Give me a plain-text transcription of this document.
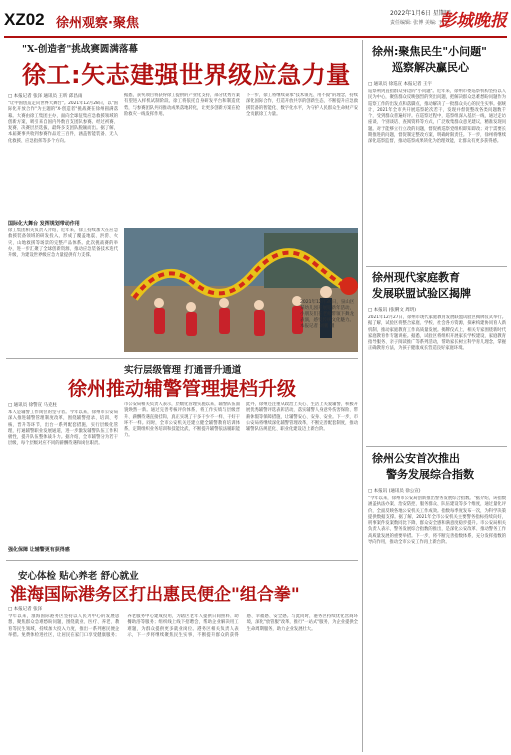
XZ02 徐州观察·聚焦
2022年1月6日 星期四
责任编辑: 张博 美编: 王宁
彭城晚报
"X-创造者"挑战赛圆满落幕
徐工:矢志建强世界级应急力量
□ 本报记者 张泽 通讯员 王昕 邱昌雨
"让中国创造走向世界大舞台"。2021年12月28日，以"国际化开放合作"为主题的"X-创造者"挑战赛在徐州圆满落幕。大赛由徐工集团主办，面向全球征集应急救援领域的创新方案，吸引来自国内外数百支团队参赛。经过初赛、复赛、决赛层层选拔，最终多支团队脱颖而出。据了解，本届赛事共收到参赛作品近三百件，涵盖智能装备、无人化救援、应急指挥等多个方向。
国际化大舞台 发挥规划带动作用
徐工集团相关负责人介绍，近年来，徐工持续加大在应急救援装备领域的研发投入，形成了覆盖地震、洪涝、火灾、山地救援等场景的完整产品体系。此次挑战赛的举办，进一步汇聚了全球创新资源，推动应急装备技术迭代升级，为建设世界级应急力量提供有力支撑。
据悉，获奖项目将获得徐工提供的产业化支持，部分优秀方案有望进入样机试制阶段。徐工将依托自身研发平台和制造优势，与参赛团队共同推动成果落地转化，让更多创新方案在抢险救灾一线发挥作用。
下一步，徐工将继续秉承"技术领先、用不毁"的理念，持续深化国际合作，打造开放共享的创新生态，不断提升应急救援装备的智能化、数字化水平，为守护人民群众生命财产安全贡献徐工力量。
2021年12月30日，泉山区某幼儿园开展迎新年活动，小朋友们在老师带领下舞龙表演，感受传统文化魅力。本报记者 刘鹏 摄
实行层级管理 打通晋升通道
徐州推动辅警管理提档升级
□ 通讯员 徐警宣 马克柱
本人是辅警工作岗位的坚守者。今年以来，徐州市公安局深入推进辅警管理制度改革，围绕辅警招录、培训、考核、晋升等环节，出台一系列配套措施，实行层级化管理，打通辅警职业发展通道，进一步激发辅警队伍工作积极性，提升队伍整体战斗力。据介绍，全市辅警分为若干层级，每个层级对应不同的薪酬待遇和岗位职责。
强化保障 让辅警更有获得感
市公安局相关负责人表示，层级化管理实施以来，辅警队伍面貌焕然一新。通过完善考核评价体系，将工作实绩与层级晋升、薪酬待遇直接挂钩，真正实现了干多干少不一样、干好干坏不一样。同时，全市公安机关还建立健全辅警教育培训体系，定期组织业务培训和技能比武，不断提升辅警依法履职能力。
此外，徐州还注重从政治上关心、生活上关爱辅警，积极开展优秀辅警评选表彰活动，落实辅警人身意外伤害保险、带薪休假等保障措施，让辅警安心、安身、安业。下一步，市公安局将继续深化辅警管理改革，不断完善配套制度，推动辅警队伍规范化、职业化建设迈上新台阶。
安心体检 贴心养老 舒心就业
淮海国际港务区打出惠民便企"组合拳"
□ 本报记者 张泽
今年以来，淮海国际港务区坚持以人民为中心的发展思想，聚焦群众急难愁盼问题，围绕就业、医疗、养老、教育等民生领域，持续加大投入力度，推出一系列惠民便企举措。免费体检进社区，让居民在家门口享受健康服务；养老服务中心建成投用，为辖区老年人提供日间照料、助餐助浴等服务；组织线上线下招聘会，帮助企业解决用工难题，为群众提供更多就业岗位。港务区相关负责人表示，下一步将继续聚焦民生实事，不断提升群众的获得感、幸福感、安全感。与此同时，港务区持续优化营商环境，深化"放管服"改革，推行"一站式"服务，为企业提供全生命周期服务，助力企业发展壮大。
徐州:聚焦民生"小问题"
巡察解决赢民心
□ 通讯员 徐巡宣 本报记者 王宇
巡察利剑直指群众身边的"小问题"。近年来，徐州市委巡察机构坚持以人民为中心，聚焦群众反映强烈的突出问题，把解决群众急难愁盼问题作为巡察工作的出发点和落脚点，推动解决了一批群众关心的民生实事。据统计，2021年全市共开展巡察轮次若干，发现并督促整改各类问题数千个，受到群众普遍好评。在巡察过程中，巡察组深入基层一线，通过走访座谈、个别谈话、查阅资料等方式，广泛收集群众意见建议，精准发现问题。对于能够立行立改的问题，督促被巡察党组织即知即改；对于需要长期推进的问题，督促制定整改方案，明确时限责任。下一步，徐州将继续深化巡察监督，推动巡察成果转化为治理效能，让群众有更多获得感。
徐州现代家庭教育
发展联盟试验区揭牌
□ 本报讯 (张俐文 周玥)
2021年12月27日，徐州市现代家庭教育发展联盟试验区揭牌仪式举行。据了解，试验区将整合家庭、学校、社会各方资源，探索构建协同育人新机制，推动家庭教育工作高质量发展。揭牌仪式上，相关专家围绕新时代家庭教育作专题讲座。据悉，试验区将组织开展家长学校建设、家庭教育指导服务、亲子阅读推广等系列活动，帮助家长树立科学育儿理念，掌握正确教育方法，为孩子健康成长营造良好家庭环境。
徐州公安首次推出
警务发展综合指数
□ 本报讯 (通讯员 徐公宣)
"今年以来，徐州市公安局创新推出警务发展综合指数。"据介绍，该指数涵盖执法办案、治安防控、服务群众、队伍建设等多个维度，通过量化评价，全面反映各地公安机关工作成效。指数每季度发布一次，为科学决策提供数据支撑。据了解，2021年全市公安机关主要警务指标持续向好，刑事案件发案数同比下降，群众安全感和满意度稳步提升。市公安局相关负责人表示，警务发展综合指数的推出，是深化公安改革、推动警务工作高质量发展的重要举措。下一步，将不断完善指数体系，充分发挥指数的导向作用，推动全市公安工作再上新台阶。
